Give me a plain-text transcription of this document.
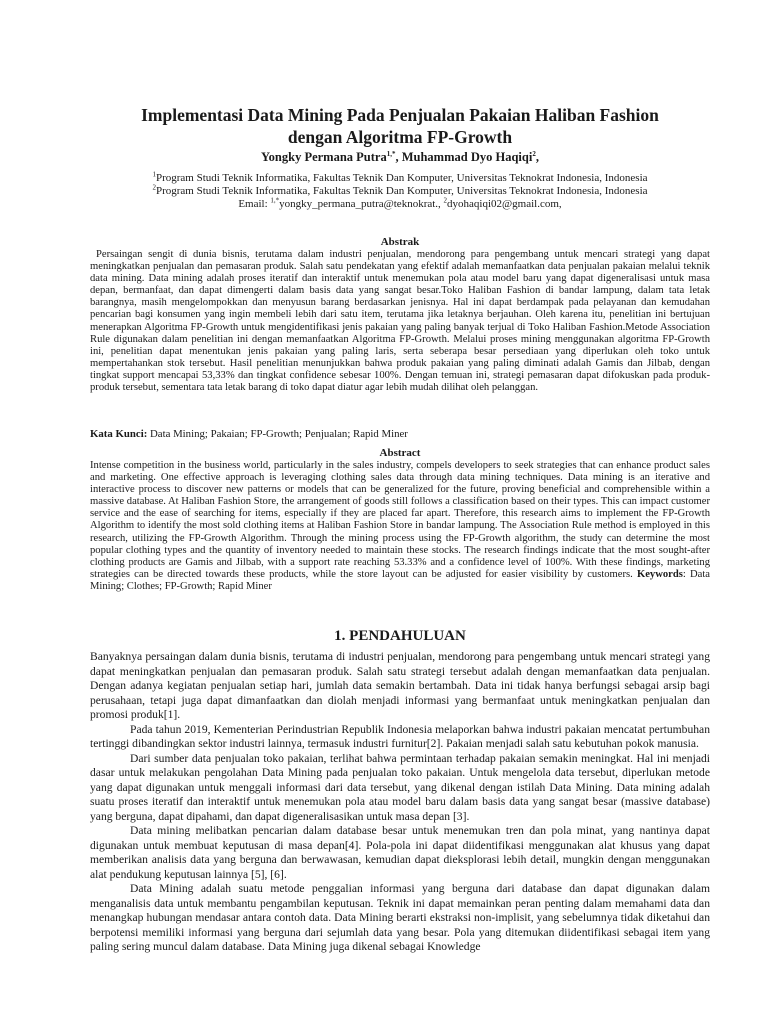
Implementasi Data Mining Pada Penjualan Pakaian Haliban Fashion
dengan Algoritma FP-Growth
Yongky Permana Putra$^{1,*}$, Muhammad Dyo Haqiqi$^2$,

$^1$Program Studi Teknik Informatika, Fakultas Teknik Dan Komputer, Universitas Teknokrat Indonesia, Indonesia

$^2$Program Studi Teknik Informatika, Fakultas Teknik Dan Komputer, Universitas Teknokrat Indonesia, Indonesia

Email: $^{1,*}$yongky_permana_putra@teknokrat., $^2$dyohaqiqi02@gmail.com,

Abstrak

Persaingan sengit di dunia bisnis, terutama dalam industri penjualan, mendorong para pengembang untuk mencari strategi yang dapat meningkatkan penjualan dan pemasaran produk. Salah satu pendekatan yang efektif adalah memanfaatkan data penjualan pakaian melalui teknik data mining. Data mining adalah proses iteratif dan interaktif untuk menemukan pola atau model baru yang dapat digeneralisasi untuk masa depan, bermanfaat, dan dapat dimengerti dalam basis data yang sangat besar.Toko Haliban Fashion di bandar lampung, dalam tata letak barangnya, masih mengelompokkan dan menyusun barang berdasarkan jenisnya. Hal ini dapat berdampak pada pelayanan dan kemudahan pencarian bagi konsumen yang ingin membeli lebih dari satu item, terutama jika letaknya berjauhan. Oleh karena itu, penelitian ini bertujuan menerapkan Algoritma FP-Growth untuk mengidentifikasi jenis pakaian yang paling banyak terjual di Toko Haliban Fashion.Metode Association Rule digunakan dalam penelitian ini dengan memanfaatkan Algoritma FP-Growth. Melalui proses mining menggunakan algoritma FP-Growth ini, penelitian dapat menentukan jenis pakaian yang paling laris, serta seberapa besar persediaan yang diperlukan oleh toko untuk mempertahankan stok tersebut. Hasil penelitian menunjukkan bahwa produk pakaian yang paling diminati adalah Gamis dan Jilbab, dengan tingkat support mencapai 53,33% dan tingkat confidence sebesar 100%. Dengan temuan ini, strategi pemasaran dapat difokuskan pada produk-produk tersebut, sementara tata letak barang di toko dapat diatur agar lebih mudah dilihat oleh pelanggan.

Kata Kunci: Data Mining; Pakaian; FP-Growth; Penjualan; Rapid Miner
Abstract

Intense competition in the business world, particularly in the sales industry, compels developers to seek strategies that can enhance product sales and marketing. One effective approach is leveraging clothing sales data through data mining techniques. Data mining is an iterative and interactive process to discover new patterns or models that can be generalized for the future, proving beneficial and comprehensible within a massive database. At Haliban Fashion Store, the arrangement of goods still follows a classification based on their types. This can impact customer service and the ease of searching for items, especially if they are placed far apart. Therefore, this research aims to implement the FP-Growth Algorithm to identify the most sold clothing items at Haliban Fashion Store in bandar lampung. The Association Rule method is employed in this research, utilizing the FP-Growth Algorithm. Through the mining process using the FP-Growth algorithm, the study can determine the most popular clothing types and the quantity of inventory needed to maintain these stocks. The research findings indicate that the most sought-after clothing products are Gamis and Jilbab, with a support rate reaching 53.33% and a confidence level of 100%. With these findings, marketing strategies can be directed towards these products, while the store layout can be adjusted for easier visibility by customers. Keywords: Data Mining; Clothes; FP-Growth; Rapid Miner

1. PENDAHULUAN

Banyaknya persaingan dalam dunia bisnis, terutama di industri penjualan, mendorong para pengembang untuk mencari strategi yang dapat meningkatkan penjualan dan pemasaran produk. Salah satu strategi tersebut adalah dengan memanfaatkan data penjualan. Dengan adanya kegiatan penjualan setiap hari, jumlah data semakin bertambah. Data ini tidak hanya berfungsi sebagai arsip bagi perusahaan, tetapi juga dapat dimanfaatkan dan diolah menjadi informasi yang bermanfaat untuk meningkatkan penjualan dan promosi produk[1].

Pada tahun 2019, Kementerian Perindustrian Republik Indonesia melaporkan bahwa industri pakaian mencatat pertumbuhan tertinggi dibandingkan sektor industri lainnya, termasuk industri furnitur[2]. Pakaian menjadi salah satu kebutuhan pokok manusia.

Dari sumber data penjualan toko pakaian, terlihat bahwa permintaan terhadap pakaian semakin meningkat. Hal ini menjadi dasar untuk melakukan pengolahan Data Mining pada penjualan toko pakaian. Untuk mengelola data tersebut, diperlukan metode yang dapat digunakan untuk menggali informasi dari data tersebut, yang dikenal dengan istilah Data Mining. Data mining adalah suatu proses iteratif dan interaktif untuk menemukan pola atau model baru dalam basis data yang sangat besar (massive database) yang berguna, dapat dipahami, dan dapat digeneralisasikan untuk masa depan [3].

Data mining melibatkan pencarian dalam database besar untuk menemukan tren dan pola minat, yang nantinya dapat digunakan untuk membuat keputusan di masa depan[4]. Pola-pola ini dapat diidentifikasi menggunakan alat khusus yang dapat memberikan analisis data yang berguna dan berwawasan, kemudian dapat dieksplorasi lebih detail, mungkin dengan menggunakan alat pendukung keputusan lainnya [5], [6].

Data Mining adalah suatu metode penggalian informasi yang berguna dari database dan dapat digunakan dalam menganalisis data untuk membantu pengambilan keputusan. Teknik ini dapat memainkan peran penting dalam memahami data dan menangkap hubungan mendasar antara contoh data. Data Mining berarti ekstraksi non-implisit, yang sebelumnya tidak diketahui dan berpotensi memiliki informasi yang berguna dari sejumlah data yang besar. Pola yang ditemukan diidentifikasi sebagai item yang paling sering muncul dalam database. Data Mining juga dikenal sebagai Knowledge
